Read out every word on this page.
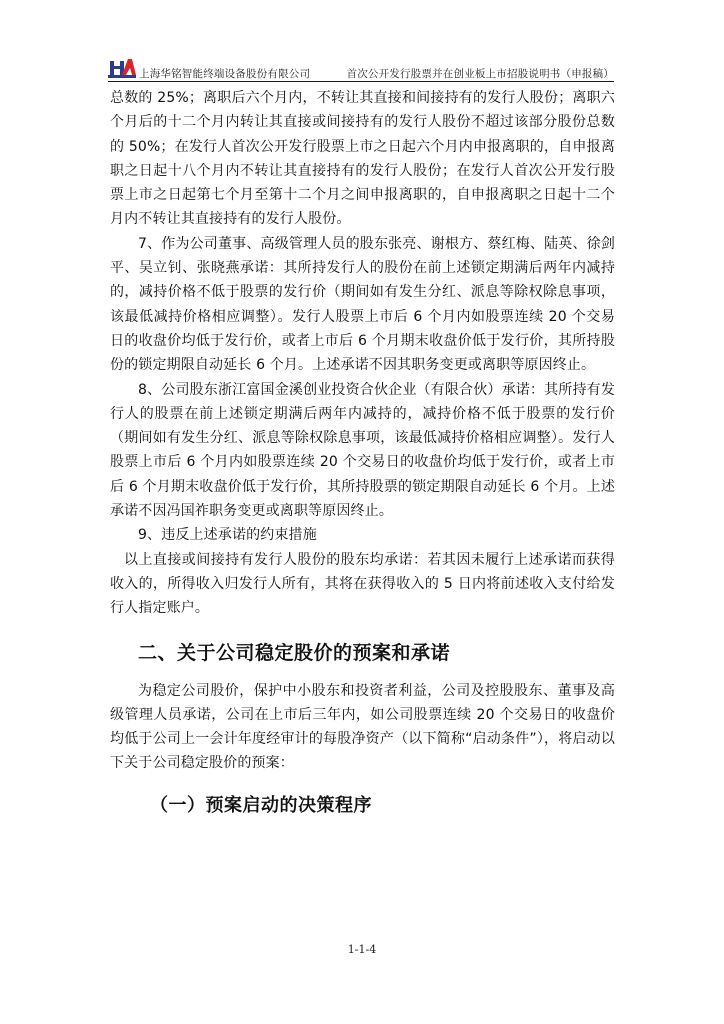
上海华铭智能终端设备股份有限公司	首次公开发行股票并在创业板上市招股说明书（申报稿）

总数的 25%；离职后六个月内，不转让其直接和间接持有的发行人股份；离职六个月后的十二个月内转让其直接或间接持有的发行人股份不超过该部分股份总数的 50%；在发行人首次公开发行股票上市之日起六个月内申报离职的，自申报离职之日起十八个月内不转让其直接持有的发行人股份；在发行人首次公开发行股票上市之日起第七个月至第十二个月之间申报离职的，自申报离职之日起十二个月内不转让其直接持有的发行人股份。

7、作为公司董事、高级管理人员的股东张亮、谢根方、蔡红梅、陆英、徐剑平、吴立钊、张晓燕承诺：其所持发行人的股份在前上述锁定期满后两年内减持的，减持价格不低于股票的发行价（期间如有发生分红、派息等除权除息事项，该最低减持价格相应调整）。发行人股票上市后 6 个月内如股票连续 20 个交易日的收盘价均低于发行价，或者上市后 6 个月期末收盘价低于发行价，其所持股份的锁定期限自动延长 6 个月。上述承诺不因其职务变更或离职等原因终止。

8、公司股东浙江富国金溪创业投资合伙企业（有限合伙）承诺：其所持有发行人的股票在前上述锁定期满后两年内减持的，减持价格不低于股票的发行价（期间如有发生分红、派息等除权除息事项，该最低减持价格相应调整）。发行人股票上市后 6 个月内如股票连续 20 个交易日的收盘价均低于发行价，或者上市后 6 个月期末收盘价低于发行价，其所持股票的锁定期限自动延长 6 个月。上述承诺不因冯国祚职务变更或离职等原因终止。

9、违反上述承诺的约束措施

以上直接或间接持有发行人股份的股东均承诺：若其因未履行上述承诺而获得收入的，所得收入归发行人所有，其将在获得收入的 5 日内将前述收入支付给发行人指定账户。

二、关于公司稳定股价的预案和承诺

为稳定公司股价，保护中小股东和投资者利益，公司及控股股东、董事及高级管理人员承诺，公司在上市后三年内，如公司股票连续 20 个交易日的收盘价均低于公司上一会计年度经审计的每股净资产（以下简称“启动条件”），将启动以下关于公司稳定股价的预案：

（一）预案启动的决策程序
1-1-4
